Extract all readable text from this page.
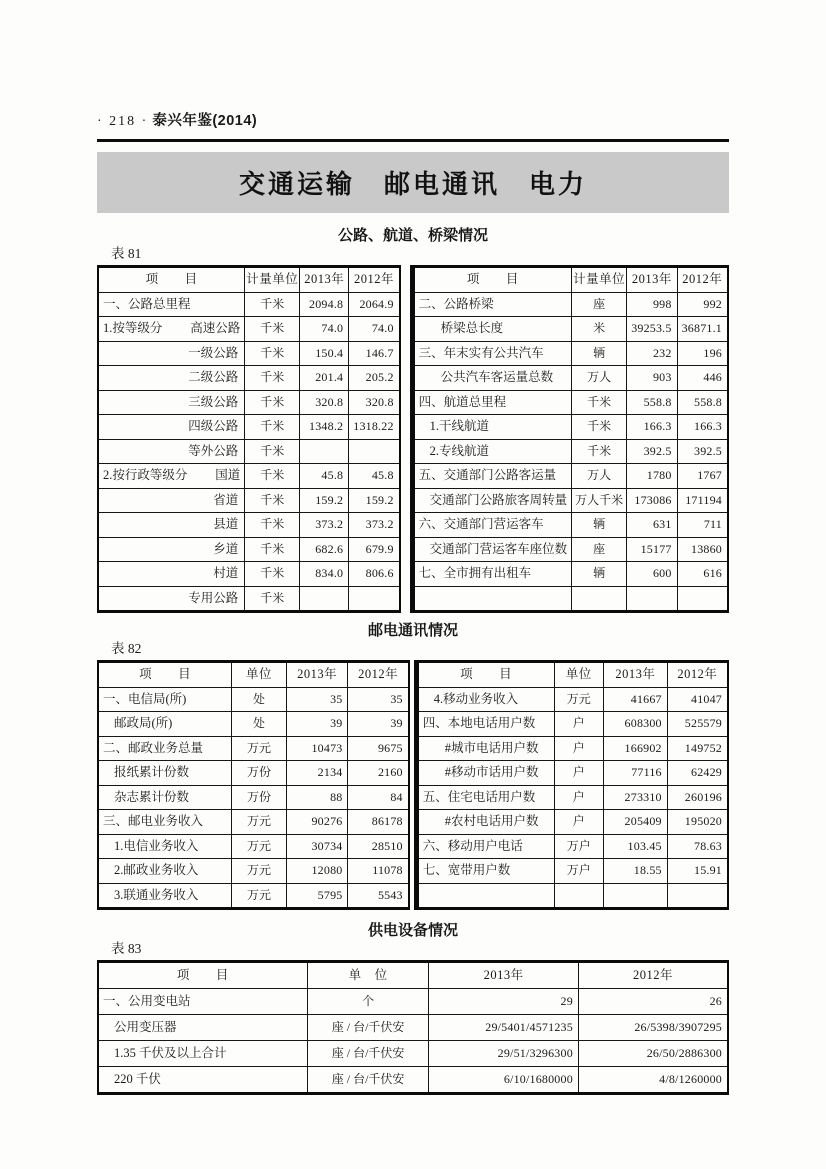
· 218 · 泰兴年鉴(2014)
交通运输　邮电通讯　电力
公路、航道、桥梁情况
表 81
项　　目	计量单位	2013年	2012年
一、公路总里程	千米	2094.8	2064.9

1.按等级分 高速公路	千米	74.0	74.0
一级公路	千米	150.4	146.7
二级公路	千米	201.4	205.2
三级公路	千米	320.8	320.8
四级公路	千米	1348.2	1318.22
等外公路	千米		

2.按行政等级分 国道	千米	45.8	45.8
省道	千米	159.2	159.2
县道	千米	373.2	373.2
乡道	千米	682.6	679.9
村道	千米	834.0	806.6
专用公路	千米		
项　　目	计量单位	2013年	2012年
二、公路桥梁	座	998	992
桥梁总长度	米	39253.5	36871.1
三、年末实有公共汽车	辆	232	196
公共汽车客运量总数	万人	903	446
四、航道总里程	千米	558.8	558.8
1.干线航道	千米	166.3	166.3
2.专线航道	千米	392.5	392.5
五、交通部门公路客运量	万人	1780	1767
交通部门公路旅客周转量	万人千米	173086	171194
六、交通部门营运客车	辆	631	711
交通部门营运客车座位数	座	15177	13860
七、全市拥有出租车	辆	600	616

邮电通讯情况
表 82
项　　目	单位	2013年	2012年
一、电信局(所)	处	35	35
邮政局(所)	处	39	39
二、邮政业务总量	万元	10473	9675
报纸累计份数	万份	2134	2160
杂志累计份数	万份	88	84
三、邮电业务收入	万元	90276	86178
1.电信业务收入	万元	30734	28510
2.邮政业务收入	万元	12080	11078
3.联通业务收入	万元	5795	5543
项　　目	单位	2013年	2012年
4.移动业务收入	万元	41667	41047
四、本地电话用户数	户	608300	525579
#城市电话用户数	户	166902	149752
#移动市话用户数	户	77116	62429
五、住宅电话用户数	户	273310	260196
#农村电话用户数	户	205409	195020
六、移动用户电话	万户	103.45	78.63
七、宽带用户数	万户	18.55	15.91

供电设备情况
表 83
项　　目	单　位	2013年	2012年
一、公用变电站	个	29	26
公用变压器	座 / 台/千伏安	29/5401/4571235	26/5398/3907295
1.35 千伏及以上合计	座 / 台/千伏安	29/51/3296300	26/50/2886300
220 千伏	座 / 台/千伏安	6/10/1680000	4/8/1260000
